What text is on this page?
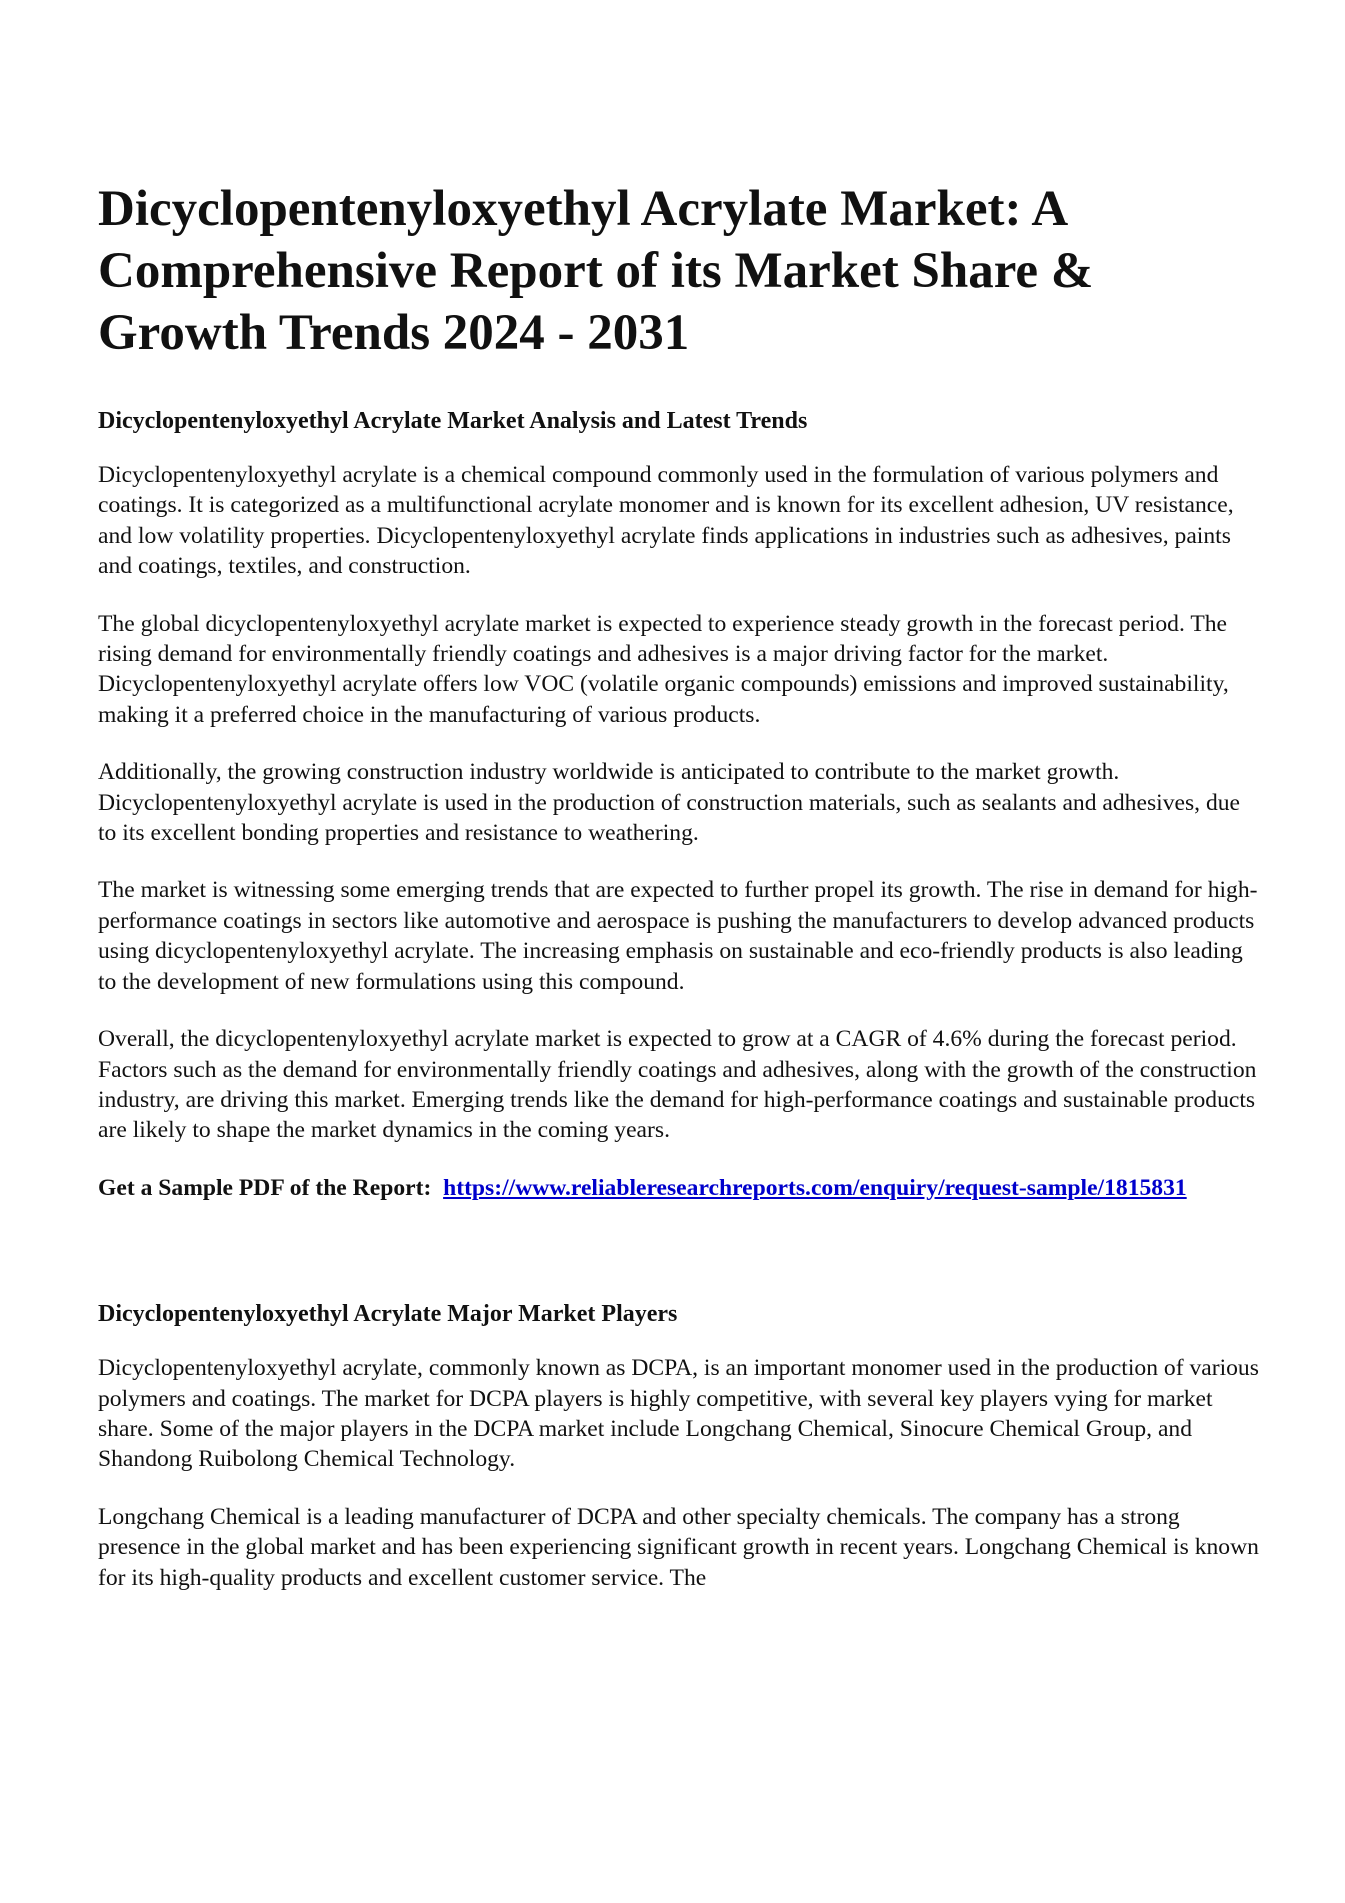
Dicyclopentenyloxyethyl Acrylate Market: A Comprehensive Report of its Market Share & Growth Trends 2024 - 2031
Dicyclopentenyloxyethyl Acrylate Market Analysis and Latest Trends

Dicyclopentenyloxyethyl acrylate is a chemical compound commonly used in the formulation of various polymers and coatings. It is categorized as a multifunctional acrylate monomer and is known for its excellent adhesion, UV resistance, and low volatility properties. Dicyclopentenyloxyethyl acrylate finds applications in industries such as adhesives, paints and coatings, textiles, and construction.

The global dicyclopentenyloxyethyl acrylate market is expected to experience steady growth in the forecast period. The rising demand for environmentally friendly coatings and adhesives is a major driving factor for the market. Dicyclopentenyloxyethyl acrylate offers low VOC (volatile organic compounds) emissions and improved sustainability, making it a preferred choice in the manufacturing of various products.

Additionally, the growing construction industry worldwide is anticipated to contribute to the market growth. Dicyclopentenyloxyethyl acrylate is used in the production of construction materials, such as sealants and adhesives, due to its excellent bonding properties and resistance to weathering.

The market is witnessing some emerging trends that are expected to further propel its growth. The rise in demand for high-performance coatings in sectors like automotive and aerospace is pushing the manufacturers to develop advanced products using dicyclopentenyloxyethyl acrylate. The increasing emphasis on sustainable and eco-friendly products is also leading to the development of new formulations using this compound.

Overall, the dicyclopentenyloxyethyl acrylate market is expected to grow at a CAGR of 4.6% during the forecast period. Factors such as the demand for environmentally friendly coatings and adhesives, along with the growth of the construction industry, are driving this market. Emerging trends like the demand for high-performance coatings and sustainable products are likely to shape the market dynamics in the coming years.

Get a Sample PDF of the Report: https://www.reliableresearchreports.com/enquiry/request-sample/1815831

Dicyclopentenyloxyethyl Acrylate Major Market Players

Dicyclopentenyloxyethyl acrylate, commonly known as DCPA, is an important monomer used in the production of various polymers and coatings. The market for DCPA players is highly competitive, with several key players vying for market share. Some of the major players in the DCPA market include Longchang Chemical, Sinocure Chemical Group, and Shandong Ruibolong Chemical Technology.

Longchang Chemical is a leading manufacturer of DCPA and other specialty chemicals. The company has a strong presence in the global market and has been experiencing significant growth in recent years. Longchang Chemical is known for its high-quality products and excellent customer service. The
